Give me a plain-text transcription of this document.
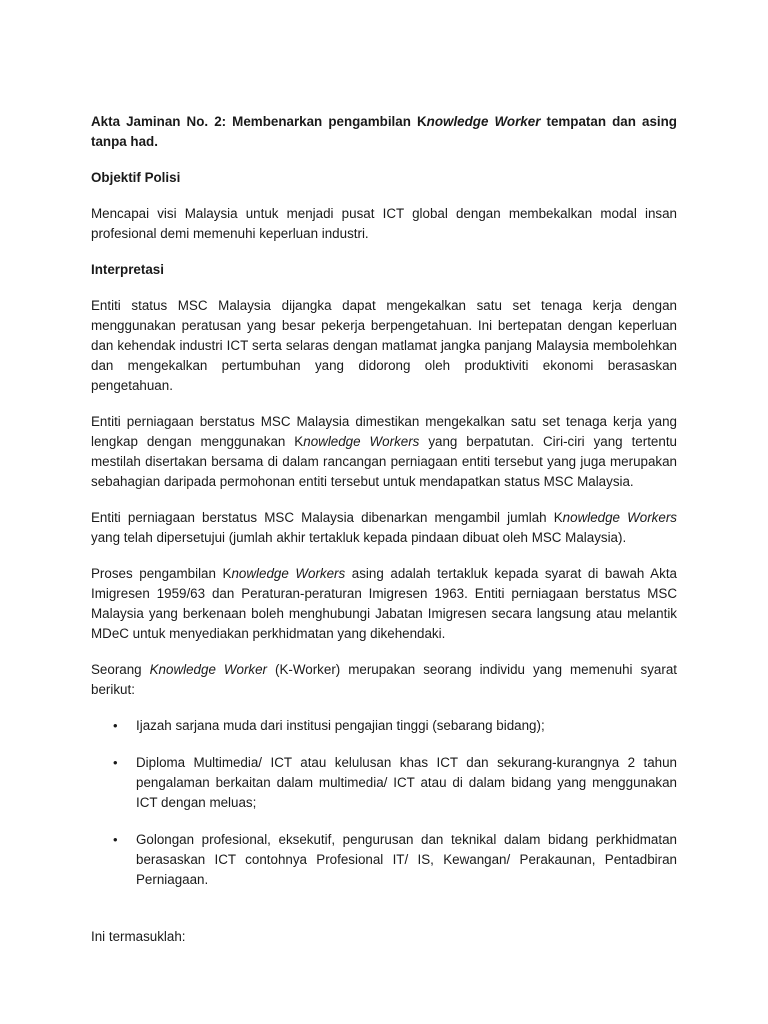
Akta Jaminan No. 2: Membenarkan pengambilan Knowledge Worker tempatan dan asing tanpa had.

Objektif Polisi

Mencapai visi Malaysia untuk menjadi pusat ICT global dengan membekalkan modal insan profesional demi memenuhi keperluan industri.

Interpretasi

Entiti status MSC Malaysia dijangka dapat mengekalkan satu set tenaga kerja dengan menggunakan peratusan yang besar pekerja berpengetahuan. Ini bertepatan dengan keperluan dan kehendak industri ICT serta selaras dengan matlamat jangka panjang Malaysia membolehkan dan mengekalkan pertumbuhan yang didorong oleh produktiviti ekonomi berasaskan pengetahuan.

Entiti perniagaan berstatus MSC Malaysia dimestikan mengekalkan satu set tenaga kerja yang lengkap dengan menggunakan Knowledge Workers yang berpatutan. Ciri-ciri yang tertentu mestilah disertakan bersama di dalam rancangan perniagaan entiti tersebut yang juga merupakan sebahagian daripada permohonan entiti tersebut untuk mendapatkan status MSC Malaysia.

Entiti perniagaan berstatus MSC Malaysia dibenarkan mengambil jumlah Knowledge Workers yang telah dipersetujui (jumlah akhir tertakluk kepada pindaan dibuat oleh MSC Malaysia).

Proses pengambilan Knowledge Workers asing adalah tertakluk kepada syarat di bawah Akta Imigresen 1959/63 dan Peraturan-peraturan Imigresen 1963. Entiti perniagaan berstatus MSC Malaysia yang berkenaan boleh menghubungi Jabatan Imigresen secara langsung atau melantik MDeC untuk menyediakan perkhidmatan yang dikehendaki.

Seorang Knowledge Worker (K-Worker) merupakan seorang individu yang memenuhi syarat berikut:

• Ijazah sarjana muda dari institusi pengajian tinggi (sebarang bidang);
• Diploma Multimedia/ ICT atau kelulusan khas ICT dan sekurang-kurangnya 2 tahun pengalaman berkaitan dalam multimedia/ ICT atau di dalam bidang yang menggunakan ICT dengan meluas;
• Golongan profesional, eksekutif, pengurusan dan teknikal dalam bidang perkhidmatan berasaskan ICT contohnya Profesional IT/ IS, Kewangan/ Perakaunan, Pentadbiran Perniagaan.

Ini termasuklah:
